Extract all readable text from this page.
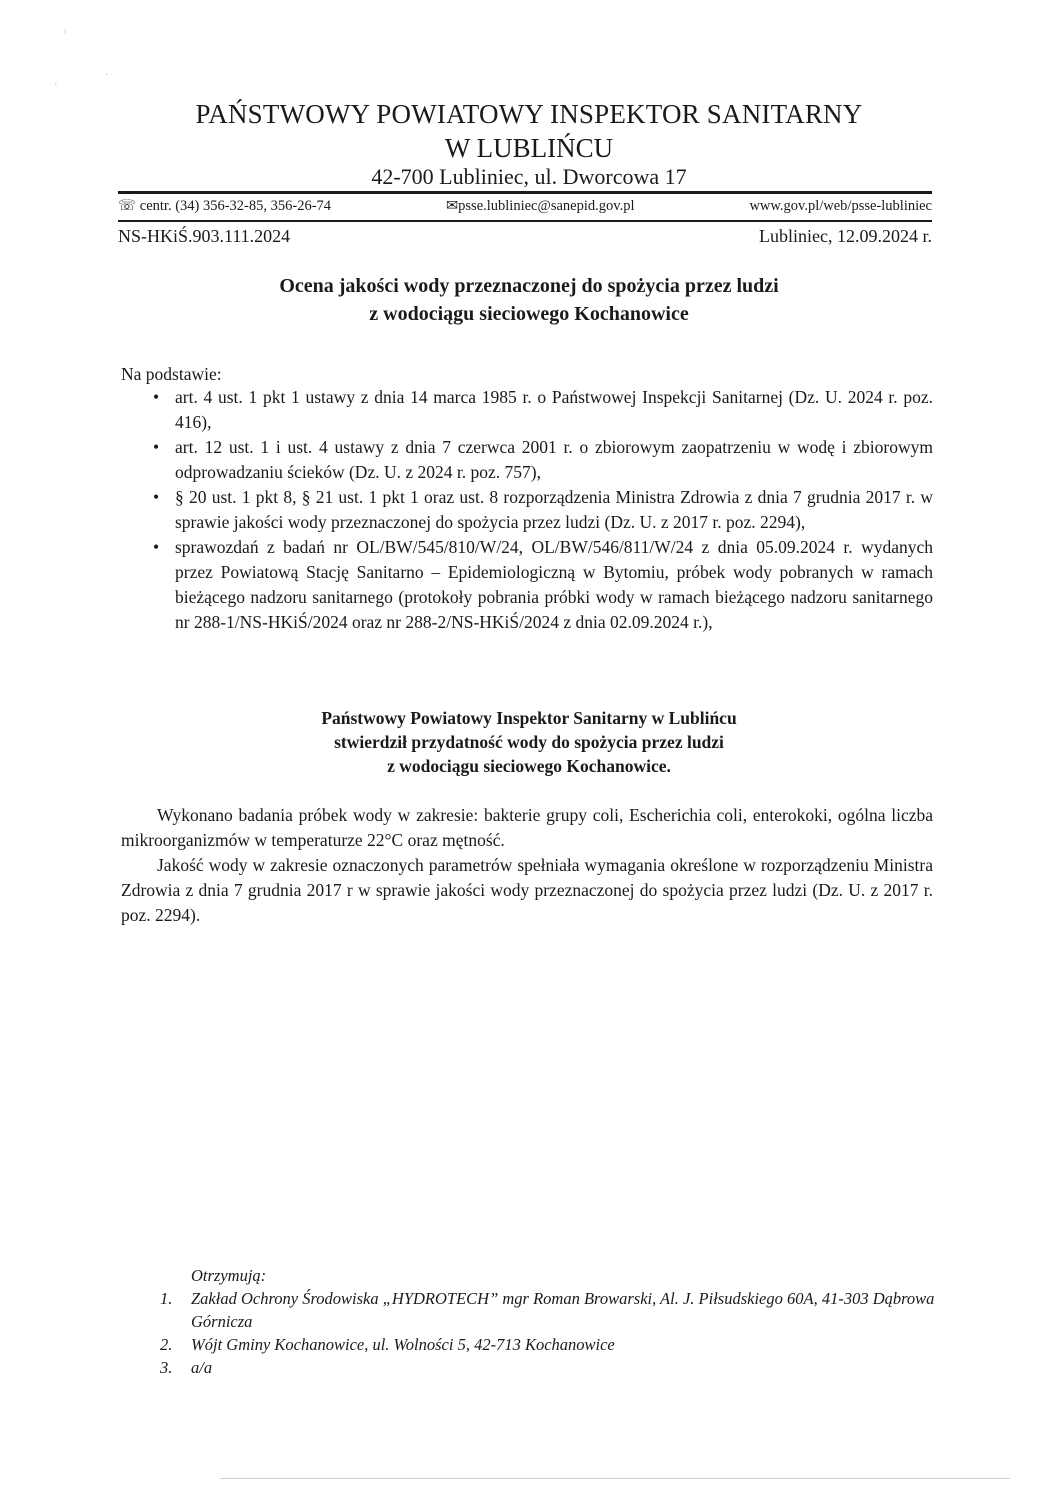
ᶠ
·
ʳ
PAŃSTWOWY POWIATOWY INSPEKTOR SANITARNY
W LUBLIŃCU
42-700 Lubliniec, ul. Dworcowa 17
☏ centr. (34) 356-32-85, 356-26-74	✉psse.lubliniec@sanepid.gov.pl	www.gov.pl/web/psse-lubliniec
NS-HKiŚ.903.111.2024	Lubliniec, 12.09.2024 r.
Ocena jakości wody przeznaczonej do spożycia przez ludzi
z wodociągu sieciowego Kochanowice
Na podstawie:
• art. 4 ust. 1 pkt 1 ustawy z dnia 14 marca 1985 r. o Państwowej Inspekcji Sanitarnej (Dz. U. 2024 r. poz. 416),
• art. 12 ust. 1 i ust. 4 ustawy z dnia 7 czerwca 2001 r. o zbiorowym zaopatrzeniu w wodę i zbiorowym odprowadzaniu ścieków (Dz. U. z 2024 r. poz. 757),
• § 20 ust. 1 pkt 8, § 21 ust. 1 pkt 1 oraz ust. 8 rozporządzenia Ministra Zdrowia z dnia 7 grudnia 2017 r. w sprawie jakości wody przeznaczonej do spożycia przez ludzi (Dz. U. z 2017 r. poz. 2294),
• sprawozdań z badań nr OL/BW/545/810/W/24, OL/BW/546/811/W/24 z dnia 05.09.2024 r. wydanych przez Powiatową Stację Sanitarno – Epidemiologiczną w Bytomiu, próbek wody pobranych w ramach bieżącego nadzoru sanitarnego (protokoły pobrania próbki wody w ramach bieżącego nadzoru sanitarnego nr 288-1/NS-HKiŚ/2024 oraz nr 288-2/NS-HKiŚ/2024 z dnia 02.09.2024 r.),
Państwowy Powiatowy Inspektor Sanitarny w Lublińcu
stwierdził przydatność wody do spożycia przez ludzi
z wodociągu sieciowego Kochanowice.

Wykonano badania próbek wody w zakresie: bakterie grupy coli, Escherichia coli, enterokoki, ogólna liczba mikroorganizmów w temperaturze 22°C oraz mętność.

Jakość wody w zakresie oznaczonych parametrów spełniała wymagania określone w rozporządzeniu Ministra Zdrowia z dnia 7 grudnia 2017 r w sprawie jakości wody przeznaczonej do spożycia przez ludzi (Dz. U. z 2017 r. poz. 2294).

Otrzymują:
1. Zakład Ochrony Środowiska „HYDROTECH” mgr Roman Browarski, Al. J. Piłsudskiego 60A, 41-303 Dąbrowa Górnicza
2. Wójt Gminy Kochanowice, ul. Wolności 5, 42-713 Kochanowice
3. a/a
